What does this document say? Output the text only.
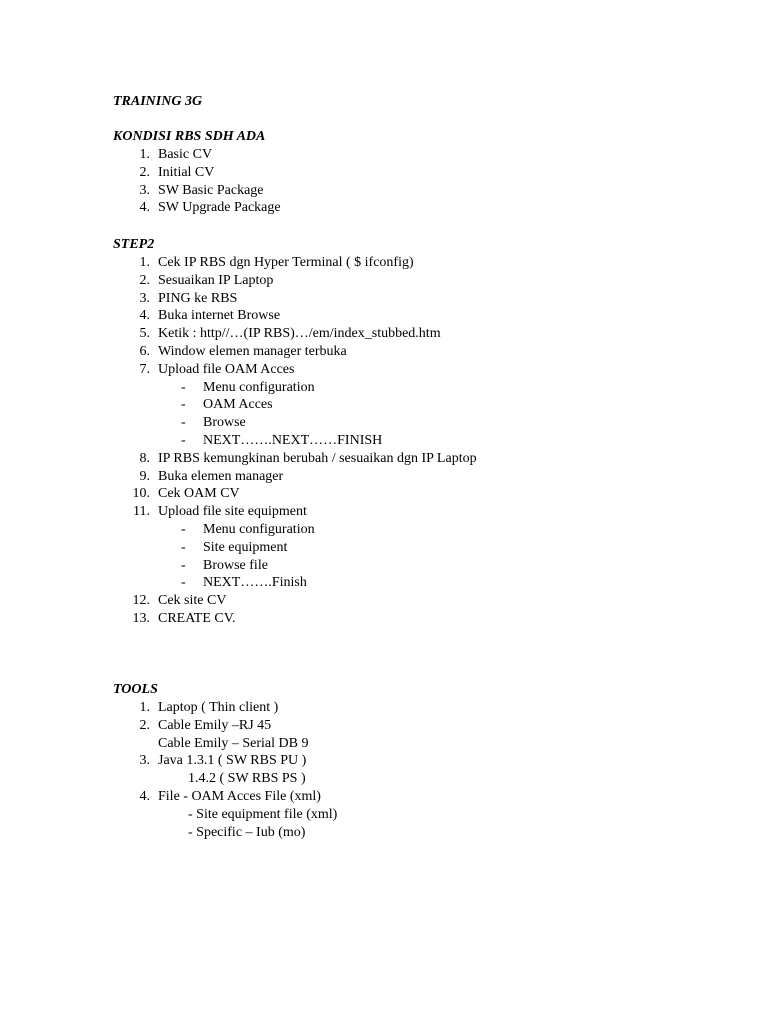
TRAINING 3G
KONDISI RBS SDH ADA
1. Basic CV
2. Initial CV
3. SW Basic Package
4. SW Upgrade Package
STEP2
1. Cek IP RBS dgn Hyper Terminal ( $ ifconfig)
2. Sesuaikan IP Laptop
3. PING ke RBS
4. Buka internet Browse
5. Ketik : http//…(IP RBS)…/em/index_stubbed.htm
6. Window elemen manager terbuka
7. Upload file OAM Acces
- Menu configuration
- OAM Acces
- Browse
- NEXT…….NEXT……FINISH
8. IP RBS kemungkinan berubah / sesuaikan dgn IP Laptop
9. Buka elemen manager
10. Cek OAM CV
11. Upload file site equipment
- Menu configuration
- Site equipment
- Browse file
- NEXT…….Finish
12. Cek site CV
13. CREATE CV.
TOOLS
1. Laptop ( Thin client )
2. Cable Emily –RJ 45
Cable Emily – Serial DB 9
3. Java 1.3.1 ( SW RBS PU )
1.4.2 ( SW RBS PS )
4. File - OAM Acces File (xml)
- Site equipment file (xml)
- Specific – Iub (mo)
